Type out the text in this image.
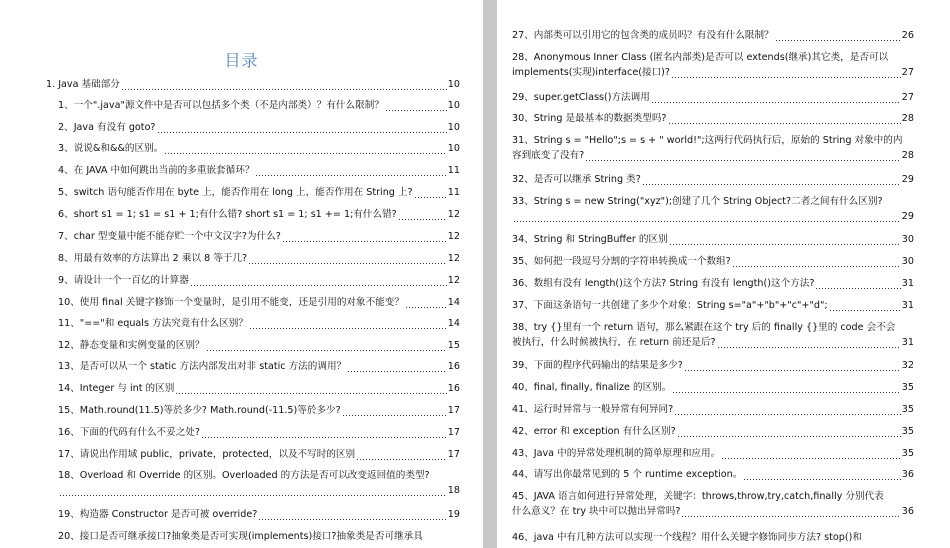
目录
1. Java 基础部分	10
1、一个".java"源文件中是否可以包括多个类（不是内部类）？有什么限制？	10
2、Java 有没有 goto?	10
3、说说&和&&的区别。	10
4、在 JAVA 中如何跳出当前的多重嵌套循环？	11
5、switch 语句能否作用在 byte 上，能否作用在 long 上，能否作用在 String 上?	11
6、short s1 = 1; s1 = s1 + 1;有什么错? short s1 = 1; s1 += 1;有什么错?	12
7、char 型变量中能不能存贮一个中文汉字?为什么?	12
8、用最有效率的方法算出 2 乘以 8 等于几?	12
9、请设计一个一百亿的计算器	12
10、使用 final 关键字修饰一个变量时，是引用不能变，还是引用的对象不能变？	14
11、"=="和 equals 方法究竟有什么区别？	14
12、静态变量和实例变量的区别？	15
13、是否可以从一个 static 方法内部发出对非 static 方法的调用？	16
14、Integer 与 int 的区别	16
15、Math.round(11.5)等於多少? Math.round(-11.5)等於多少?	17
16、下面的代码有什么不妥之处?	17
17、请说出作用域 public，private，protected，以及不写时的区别	17
18、Overload 和 Override 的区别。Overloaded 的方法是否可以改变返回值的类型?
18
19、构造器 Constructor 是否可被 override?	19
20、接口是否可继承接口?抽象类是否可实现(implements)接口?抽象类是否可继承具
27、内部类可以引用它的包含类的成员吗？有没有什么限制？	26
28、Anonymous Inner Class (匿名内部类)是否可以 extends(继承)其它类，是否可以
implements(实现)interface(接口)?	27
29、super.getClass()方法调用	27
30、String 是最基本的数据类型吗?	28
31、String s = "Hello";s = s + " world!";这两行代码执行后，原始的 String 对象中的内
容到底变了没有?	28
32、是否可以继承 String 类?	29
33、String s = new String("xyz");创建了几个 String Object?二者之间有什么区别?
29
34、String 和 StringBuffer 的区别	30
35、如何把一段逗号分割的字符串转换成一个数组?	30
36、数组有没有 length()这个方法? String 有没有 length()这个方法?	31
37、下面这条语句一共创建了多少个对象：String s="a"+"b"+"c"+"d";	31
38、try {}里有一个 return 语句，那么紧跟在这个 try 后的 finally {}里的 code 会不会
被执行，什么时候被执行，在 return 前还是后?	31
39、下面的程序代码输出的结果是多少?	32
40、final, finally, finalize 的区别。	35
41、运行时异常与一般异常有何异同?	35
42、error 和 exception 有什么区别?	35
43、Java 中的异常处理机制的简单原理和应用。	35
44、请写出你最常见到的 5 个 runtime exception。	36
45、JAVA 语言如何进行异常处理，关键字：throws,throw,try,catch,finally 分别代表
什么意义？在 try 块中可以抛出异常吗?	36
46、java 中有几种方法可以实现一个线程？用什么关键字修饰同步方法? stop()和
